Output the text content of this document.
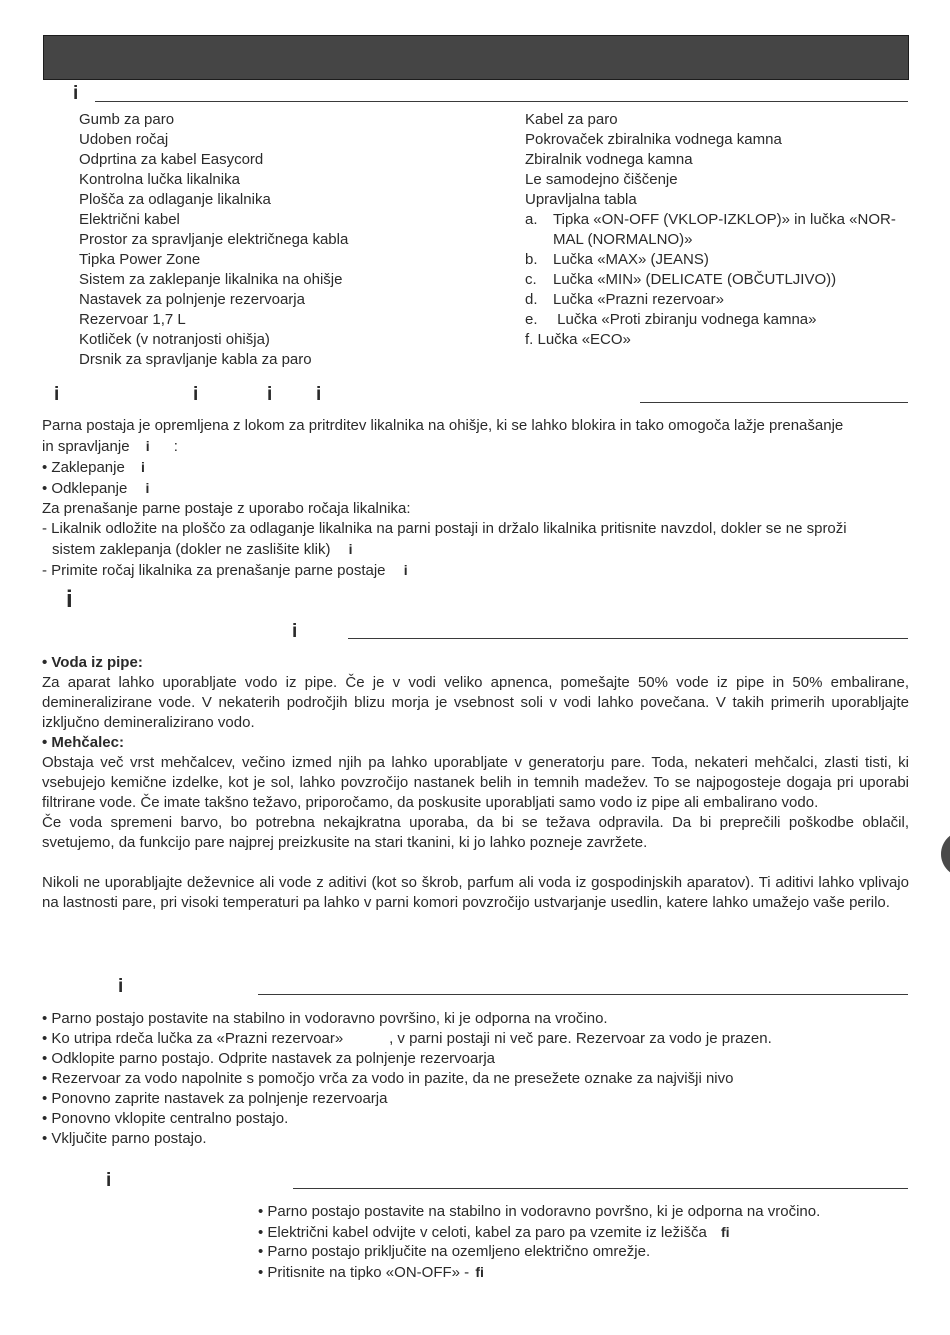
i
Gumb za paro
Udoben ročaj
Odprtina za kabel Easycord
Kontrolna lučka likalnika
Plošča za odlaganje likalnika
Električni kabel
Prostor za spravljanje električnega kabla
Tipka Power Zone
Sistem za zaklepanje likalnika na ohišje
Nastavek za polnjenje rezervoarja
Rezervoar 1,7 L
Kotliček (v notranjosti ohišja)
Drsnik za spravljanje kabla za paro
Kabel za paro
Pokrovaček zbiralnika vodnega kamna
Zbiralnik vodnega kamna
Le samodejno čiščenje
Upravljalna tabla
a. Tipka «ON-OFF (VKLOP-IZKLOP)» in lučka «NOR-
MAL (NORMALNO)»
b. Lučka «MAX» (JEANS)
c. Lučka «MIN» (DELICATE (OBČUTLJIVO))
d. Lučka «Prazni rezervoar»
e. Lučka «Proti zbiranju vodnega kamna»
f. Lučka «ECO»
i	i	i i

Parna postaja je opremljena z lokom za pritrditev likalnika na ohišje, ki se lahko blokira in tako omogoča lažje prenašanje

in spravljanje i :

• Zaklepanje i

• Odklepanje i

Za prenašanje parne postaje z uporabo ročaja likalnika:

- Likalnik odložite na ploščo za odlaganje likalnika na parni postaji in držalo likalnika pritisnite navzdol, dokler se ne sproži

sistem zaklepanja (dokler ne zaslišite klik) i

- Primite ročaj likalnika za prenašanje parne postaje i

i
i

• Voda iz pipe:

Za aparat lahko uporabljate vodo iz pipe. Če je v vodi veliko apnenca, pomešajte 50% vode iz pipe in 50% embalirane, demineralizirane vode. V nekaterih področjih blizu morja je vsebnost soli v vodi lahko povečana. V takih primerih uporabljajte izključno demineralizirano vodo.

• Mehčalec:

Obstaja več vrst mehčalcev, večino izmed njih pa lahko uporabljate v generatorju pare. Toda, nekateri mehčalci, zlasti tisti, ki vsebujejo kemične izdelke, kot je sol, lahko povzročijo nastanek belih in temnih madežev. To se najpogosteje dogaja pri uporabi filtrirane vode. Če imate takšno težavo, priporočamo, da poskusite uporabljati samo vodo iz pipe ali embalirano vodo.

Če voda spremeni barvo, bo potrebna nekajkratna uporaba, da bi se težava odpravila. Da bi preprečili poškodbe oblačil, svetujemo, da funkcijo pare najprej preizkusite na stari tkanini, ki jo lahko pozneje zavržete.

Nikoli ne uporabljajte deževnice ali vode z aditivi (kot so škrob, parfum ali voda iz gospodinjskih aparatov). Ti aditivi lahko vplivajo na lastnosti pare, pri visoki temperaturi pa lahko v parni komori povzročijo ustvarjanje usedlin, katere lahko umažejo vaše perilo.

i
• Parno postajo postavite na stabilno in vodoravno površino, ki je odporna na vročino.
• Ko utripa rdeča lučka za «Prazni rezervoar»           , v parni postaji ni več pare. Rezervoar za vodo je prazen.
• Odklopite parno postajo. Odprite nastavek za polnjenje rezervoarja
• Rezervoar za vodo napolnite s pomočjo vrča za vodo in pazite, da ne presežete oznake za najvišji nivo
• Ponovno zaprite nastavek za polnjenje rezervoarja
• Ponovno vklopite centralno postajo.
• Vključite parno postajo.
i
• Parno postajo postavite na stabilno in vodoravno površno, ki je odporna na vročino.
• Električni kabel odvijte v celoti, kabel za paro pa vzemite iz ležišča ﬁ
• Parno postajo priključite na ozemljeno električno omrežje.
• Pritisnite na tipko «ON-OFF» - ﬁ
